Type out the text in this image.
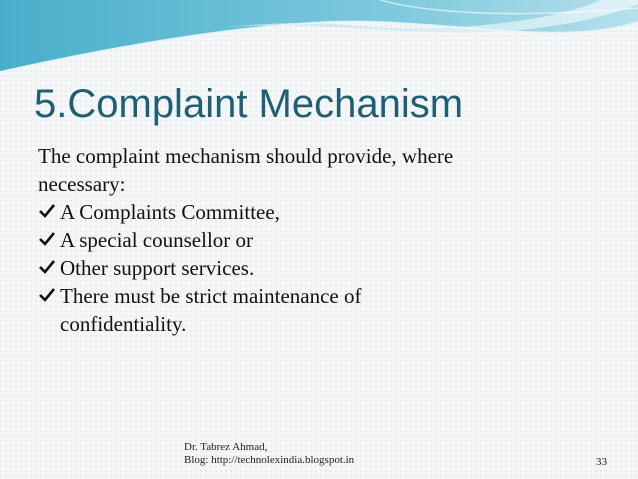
5.Complaint Mechanism

The complaint mechanism should provide, where
necessary:

A Complaints Committee,
A special counsellor or
Other support services.
There must be strict maintenance of
confidentiality.
Dr. Tabrez Ahmad,
Blog: http://technolexindia.blogspot.in	33
